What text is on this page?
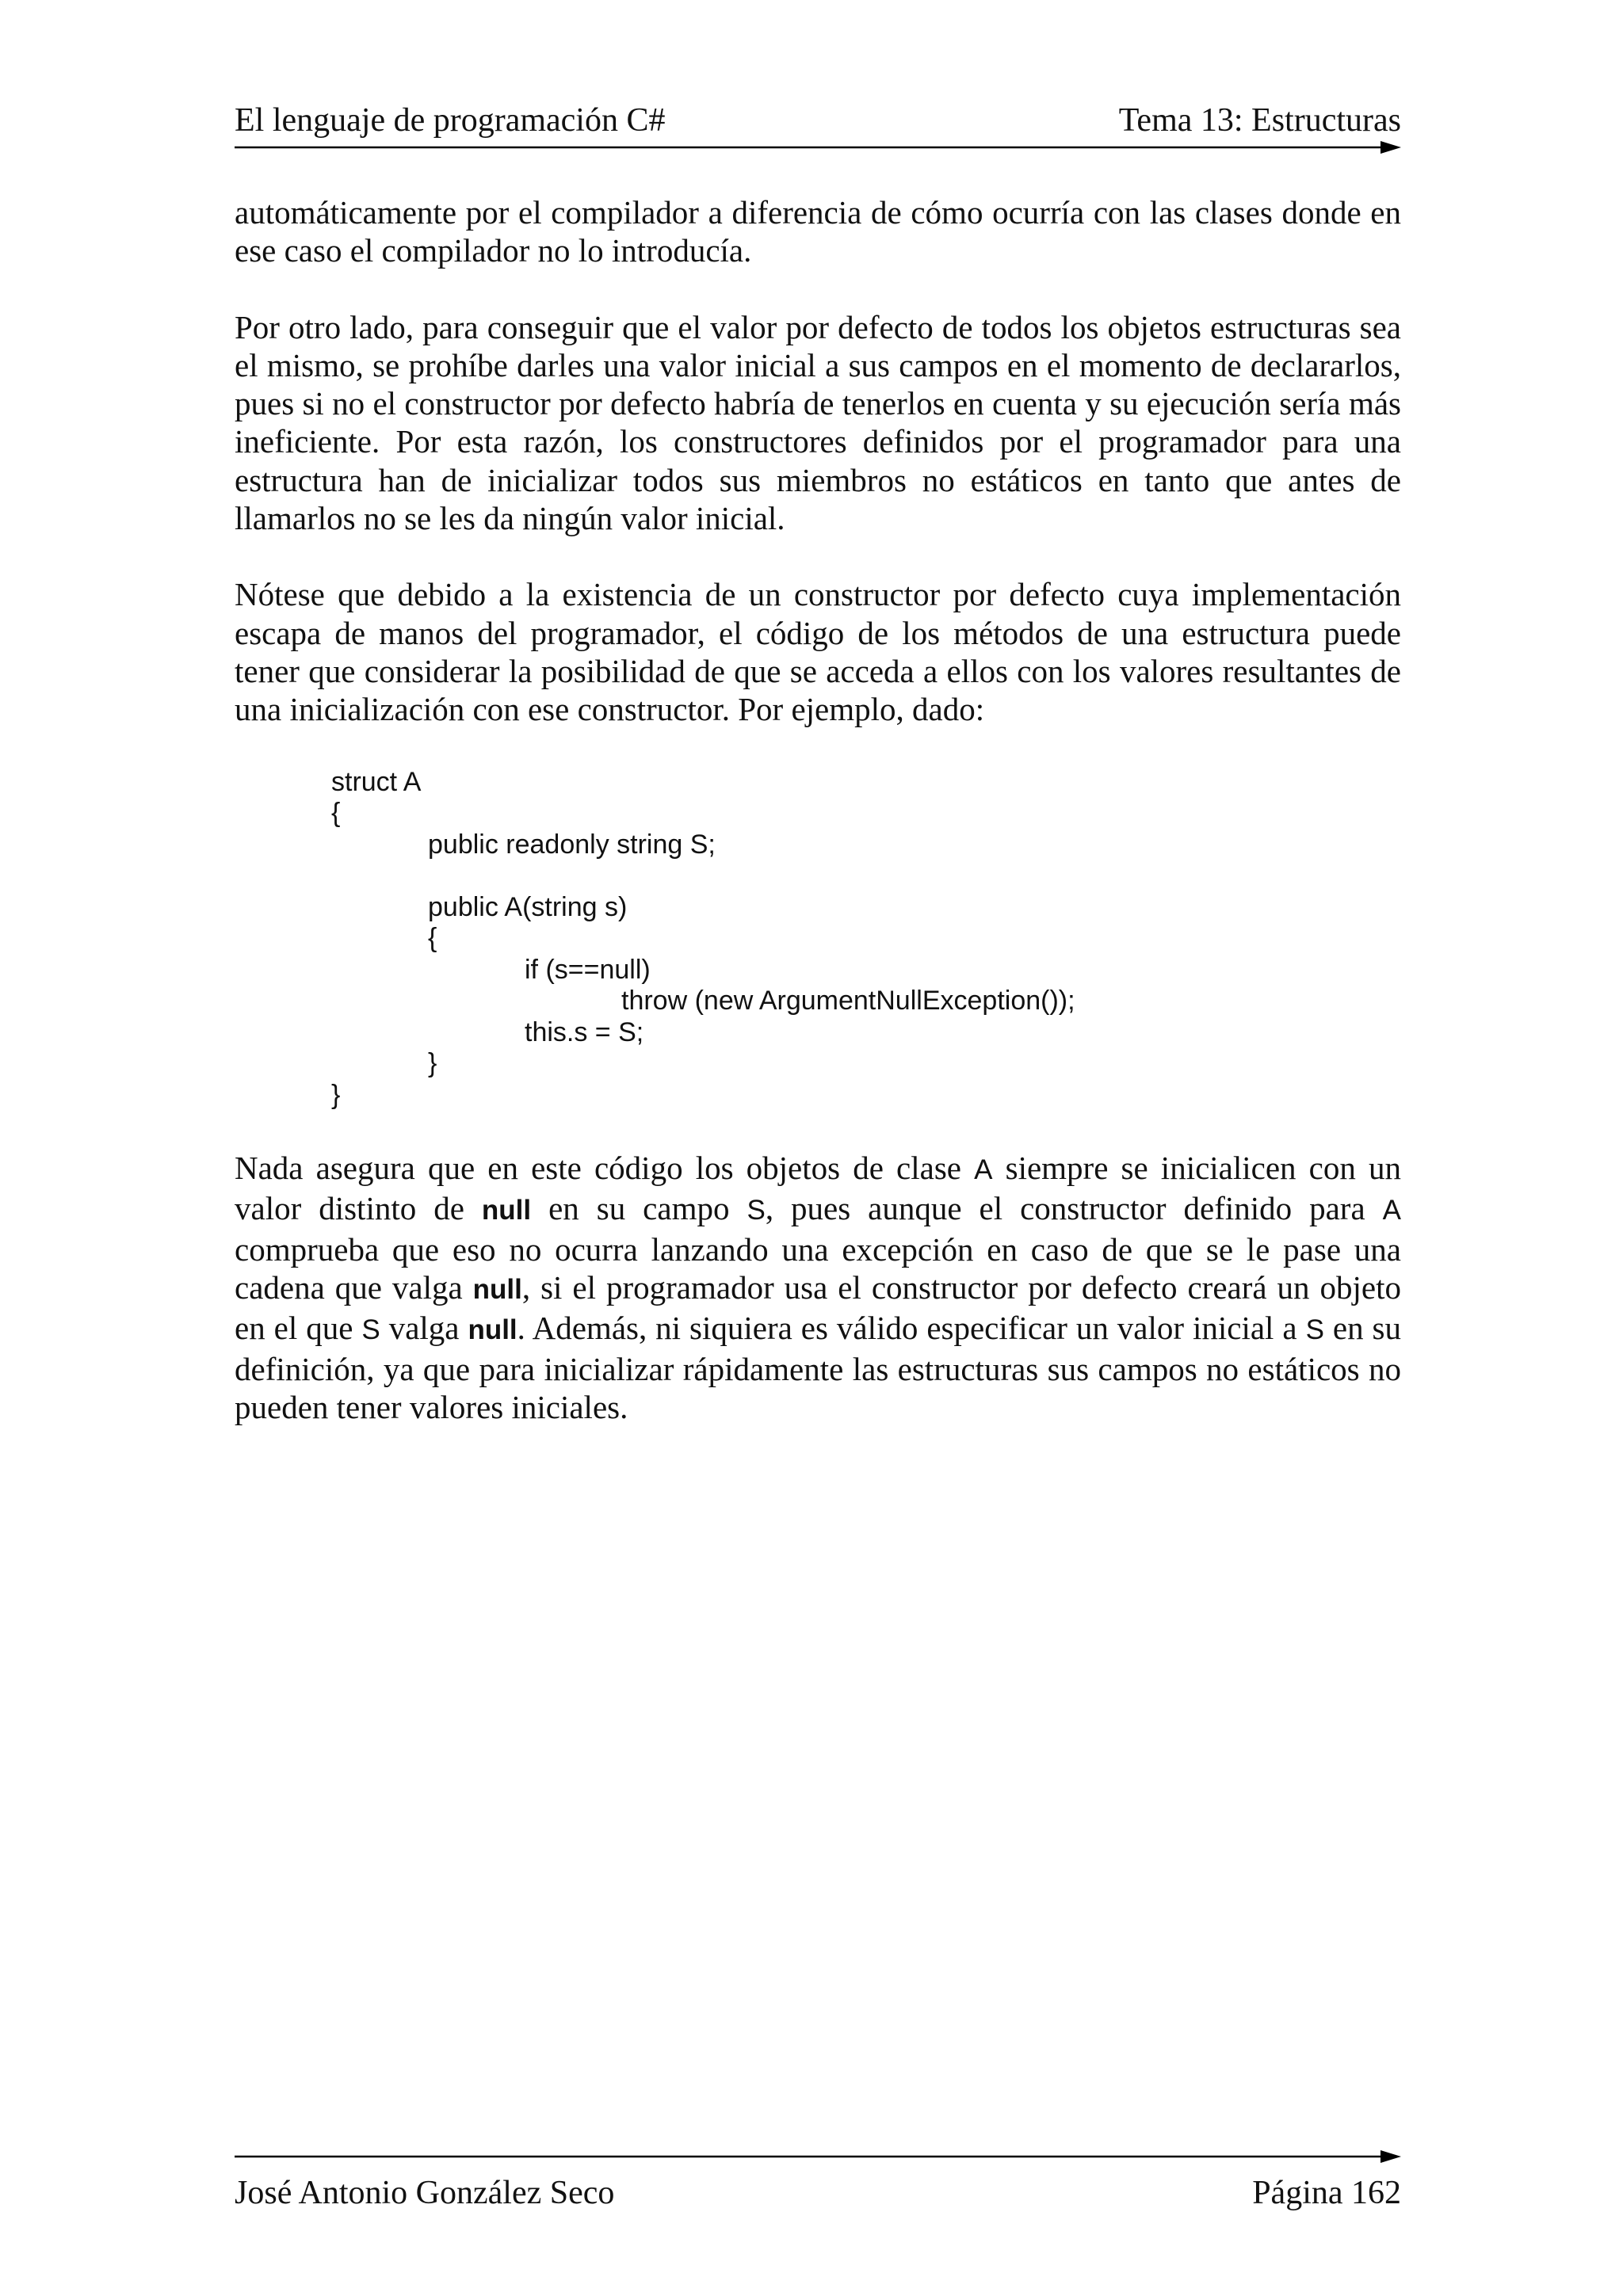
El lenguaje de programación C#	Tema 13: Estructuras

automáticamente por el compilador a diferencia de cómo ocurría con las clases donde en ese caso el compilador no lo introducía.

Por otro lado, para conseguir que el valor por defecto de todos los objetos estructuras sea el mismo, se prohíbe darles una valor inicial a sus campos en el momento de declararlos, pues si no el constructor por defecto habría de tenerlos en cuenta y su ejecución sería más ineficiente. Por esta razón, los constructores definidos por el programador para una estructura han de inicializar todos sus miembros no estáticos en tanto que antes de llamarlos no se les da ningún valor inicial.

Nótese que debido a la existencia de un constructor por defecto cuya implementación escapa de manos del programador, el código de los métodos de una estructura puede tener que considerar la posibilidad de que se acceda a ellos con los valores resultantes de una inicialización con ese constructor. Por ejemplo, dado:

struct A
{
public readonly string S;
public A(string s)
{
if (s==null)
throw (new ArgumentNullException());
this.s = S;
}
}

Nada asegura que en este código los objetos de clase A siempre se inicialicen con un valor distinto de null en su campo S, pues aunque el constructor definido para A comprueba que eso no ocurra lanzando una excepción en caso de que se le pase una cadena que valga null, si el programador usa el constructor por defecto creará un objeto en el que S valga null. Además, ni siquiera es válido especificar un valor inicial a S en su definición, ya que para inicializar rápidamente las estructuras sus campos no estáticos no pueden tener valores iniciales.

José Antonio González Seco	Página 162
